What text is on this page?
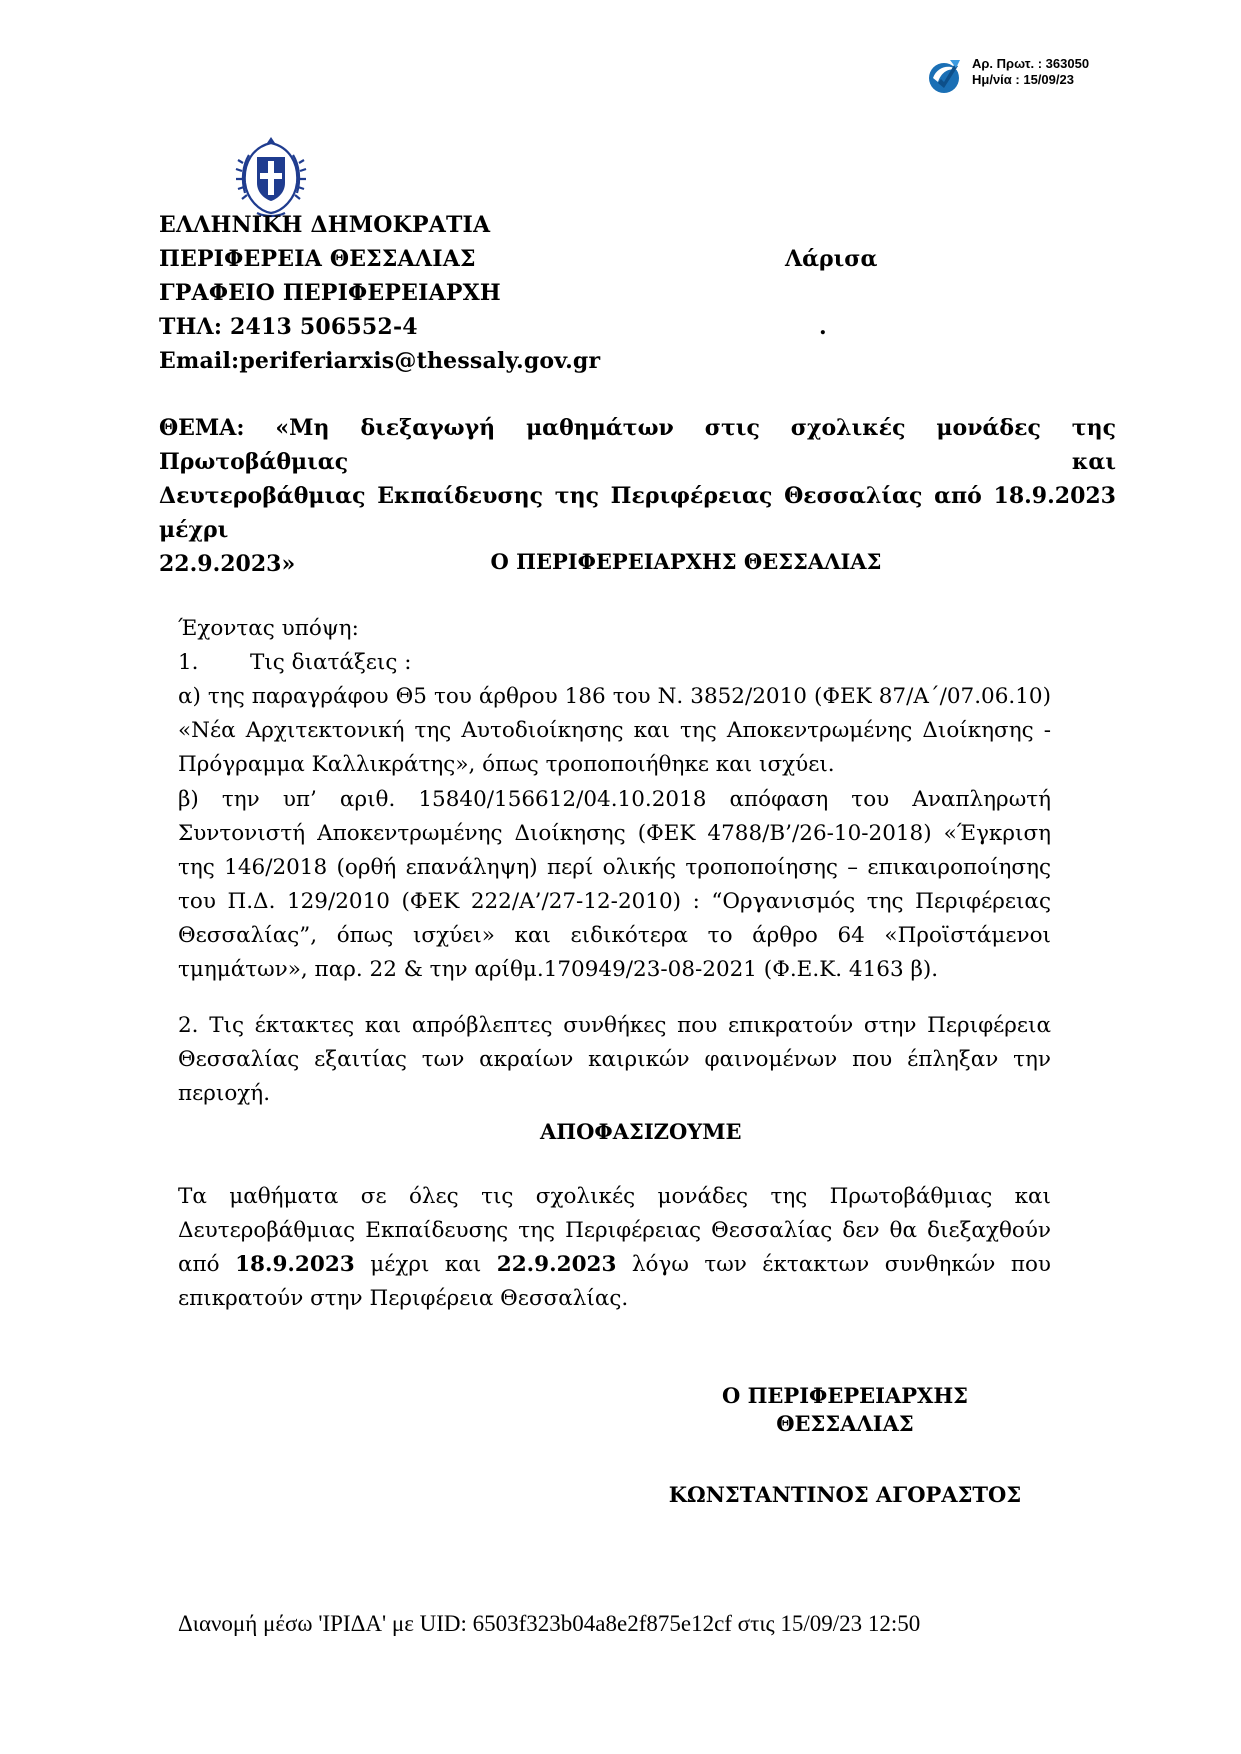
Αρ. Πρωτ. : 363050
Ημ/νία : 15/09/23
ΕΛΛΗΝΙΚΗ ΔΗΜΟΚΡΑΤΙΑ
ΠΕΡΙΦΕΡΕΙΑ ΘΕΣΣΑΛΙΑΣ
ΓΡΑΦΕΙΟ ΠΕΡΙΦΕΡΕΙΑΡΧΗ
ΤΗΛ: 2413 506552-4
Email:periferiarxis@thessaly.gov.gr
Λάρισα
.
ΘΕΜΑ: «Μη διεξαγωγή μαθημάτων στις σχολικές μονάδες της Πρωτοβάθμιας και
Δευτεροβάθμιας Εκπαίδευσης της Περιφέρειας Θεσσαλίας από 18.9.2023 μέχρι
22.9.2023»	Ο ΠΕΡΙΦΕΡΕΙΑΡΧΗΣ ΘΕΣΣΑΛΙΑΣ
Έχοντας υπόψη:
1. Τις διατάξεις :
α) της παραγράφου Θ5 του άρθρου 186 του Ν. 3852/2010 (ΦΕΚ 87/Α΄/07.06.10) «Νέα Αρχιτεκτονική της Αυτοδιοίκησης και της Αποκεντρωμένης Διοίκησης - Πρόγραμμα Καλλικράτης», όπως τροποποιήθηκε και ισχύει.
β) την υπ’ αριθ. 15840/156612/04.10.2018 απόφαση του Αναπληρωτή Συντονιστή Αποκεντρωμένης Διοίκησης (ΦΕΚ 4788/Β’/26-10-2018) «Έγκριση της 146/2018 (ορθή επανάληψη) περί ολικής τροποποίησης – επικαιροποίησης του Π.Δ. 129/2010 (ΦΕΚ 222/Α’/27-12-2010) : “Οργανισμός της Περιφέρειας Θεσσαλίας”, όπως ισχύει» και ειδικότερα το άρθρο 64 «Προϊστάμενοι τμημάτων», παρ. 22 & την αρίθμ.170949/23-08-2021 (Φ.Ε.Κ. 4163 β).
2. Τις έκτακτες και απρόβλεπτες συνθήκες που επικρατούν στην Περιφέρεια Θεσσαλίας εξαιτίας των ακραίων καιρικών φαινομένων που έπληξαν την περιοχή.
ΑΠΟΦΑΣΙΖΟΥΜΕ
Τα μαθήματα σε όλες τις σχολικές μονάδες της Πρωτοβάθμιας και Δευτεροβάθμιας Εκπαίδευσης της Περιφέρειας Θεσσαλίας δεν θα διεξαχθούν από 18.9.2023 μέχρι και 22.9.2023 λόγω των έκτακτων συνθηκών που επικρατούν στην Περιφέρεια Θεσσαλίας.
Ο ΠΕΡΙΦΕΡΕΙΑΡΧΗΣ ΘΕΣΣΑΛΙΑΣ
ΚΩΝΣΤΑΝΤΙΝΟΣ ΑΓΟΡΑΣΤΟΣ
Διανομή μέσω 'ΙΡΙΔΑ' με UID: 6503f323b04a8e2f875e12cf στις 15/09/23 12:50
